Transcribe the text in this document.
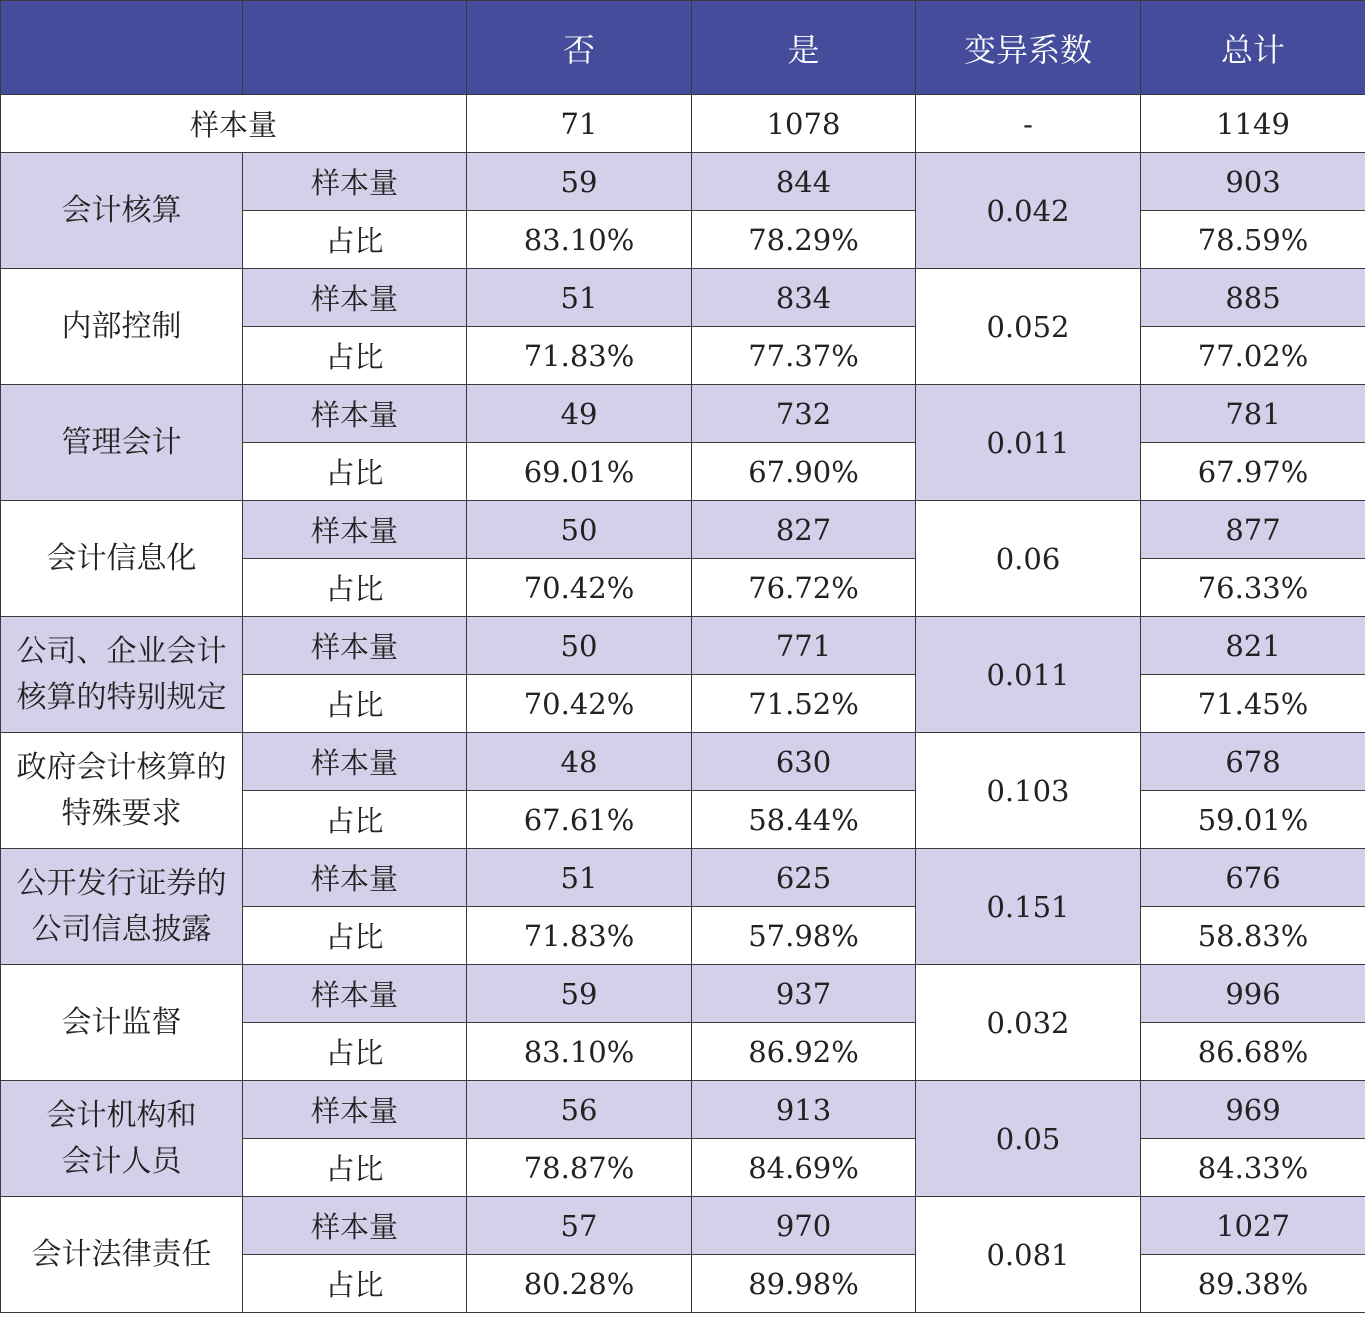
		否	是	变异系数	总计
样本量		71	1078	-	1149
会计核算	样本量	59	844	0.042	903
	占比	83.10%	78.29%		78.59%
内部控制	样本量	51	834	0.052	885
	占比	71.83%	77.37%		77.02%
管理会计	样本量	49	732	0.011	781
	占比	69.01%	67.90%		67.97%
会计信息化	样本量	50	827	0.06	877
	占比	70.42%	76.72%		76.33%

公司、企业会计
核算的特别规定	样本量	50	771	0.011	821
	占比	70.42%	71.52%		71.45%

政府会计核算的
特殊要求	样本量	48	630	0.103	678
	占比	67.61%	58.44%		59.01%

公开发行证券的
公司信息披露	样本量	51	625	0.151	676
	占比	71.83%	57.98%		58.83%
会计监督	样本量	59	937	0.032	996
	占比	83.10%	86.92%		86.68%

会计机构和
会计人员	样本量	56	913	0.05	969
	占比	78.87%	84.69%		84.33%
会计法律责任	样本量	57	970	0.081	1027
	占比	80.28%	89.98%		89.38%
